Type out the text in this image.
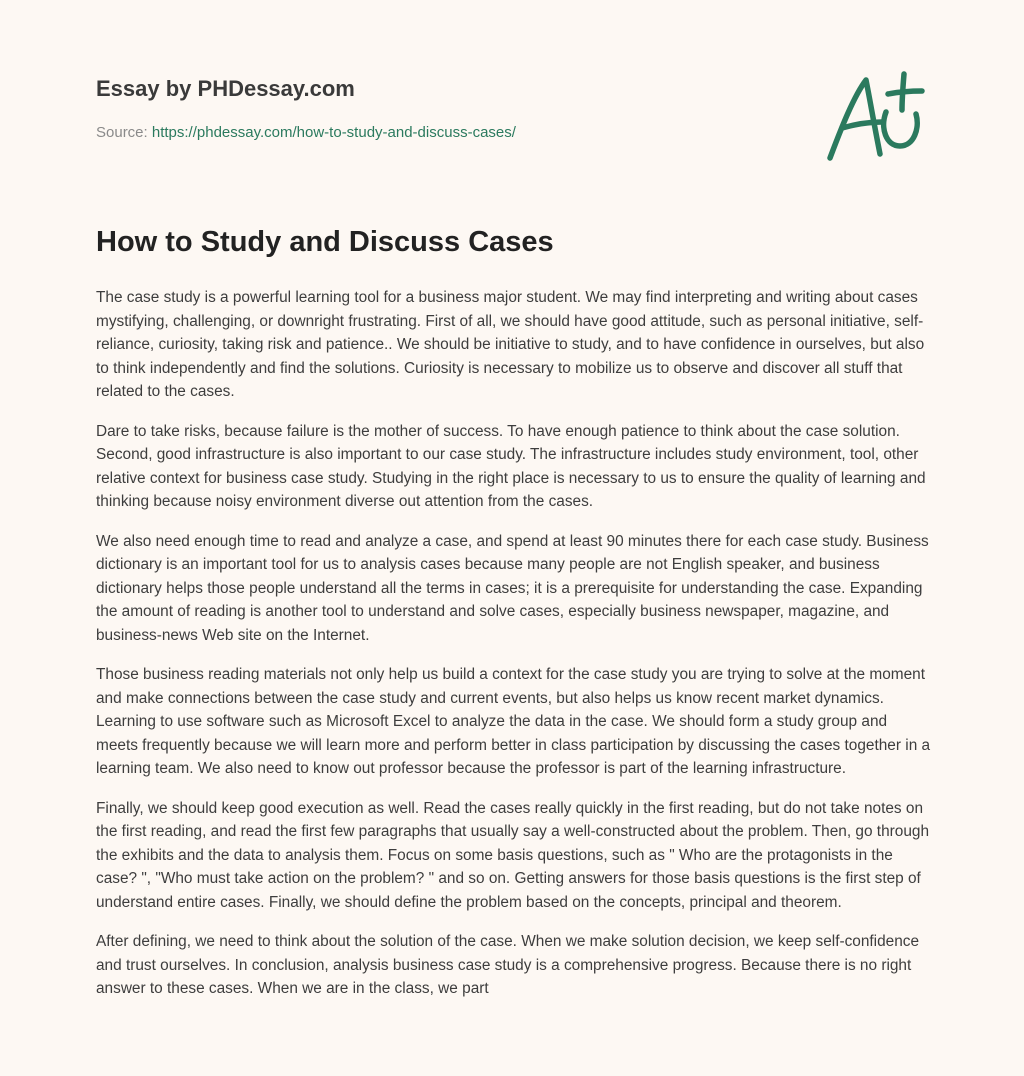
Essay by PHDessay.com
Source: https://phdessay.com/how-to-study-and-discuss-cases/
How to Study and Discuss Cases

The case study is a powerful learning tool for a business major student. We may find interpreting and writing about cases mystifying, challenging, or downright frustrating. First of all, we should have good attitude, such as personal initiative, self-reliance, curiosity, taking risk and patience.. We should be initiative to study, and to have confidence in ourselves, but also to think independently and find the solutions. Curiosity is necessary to mobilize us to observe and discover all stuff that related to the cases.

Dare to take risks, because failure is the mother of success. To have enough patience to think about the case solution. Second, good infrastructure is also important to our case study. The infrastructure includes study environment, tool, other relative context for business case study. Studying in the right place is necessary to us to ensure the quality of learning and thinking because noisy environment diverse out attention from the cases.

We also need enough time to read and analyze a case, and spend at least 90 minutes there for each case study. Business dictionary is an important tool for us to analysis cases because many people are not English speaker, and business dictionary helps those people understand all the terms in cases; it is a prerequisite for understanding the case. Expanding the amount of reading is another tool to understand and solve cases, especially business newspaper, magazine, and business-news Web site on the Internet.

Those business reading materials not only help us build a context for the case study you are trying to solve at the moment and make connections between the case study and current events, but also helps us know recent market dynamics. Learning to use software such as Microsoft Excel to analyze the data in the case. We should form a study group and meets frequently because we will learn more and perform better in class participation by discussing the cases together in a learning team. We also need to know out professor because the professor is part of the learning infrastructure.

Finally, we should keep good execution as well. Read the cases really quickly in the first reading, but do not take notes on the first reading, and read the first few paragraphs that usually say a well-constructed about the problem. Then, go through the exhibits and the data to analysis them. Focus on some basis questions, such as " Who are the protagonists in the case? ", "Who must take action on the problem? " and so on. Getting answers for those basis questions is the first step of understand entire cases. Finally, we should define the problem based on the concepts, principal and theorem.

After defining, we need to think about the solution of the case. When we make solution decision, we keep self-confidence and trust ourselves. In conclusion, analysis business case study is a comprehensive progress. Because there is no right answer to these cases. When we are in the class, we part
